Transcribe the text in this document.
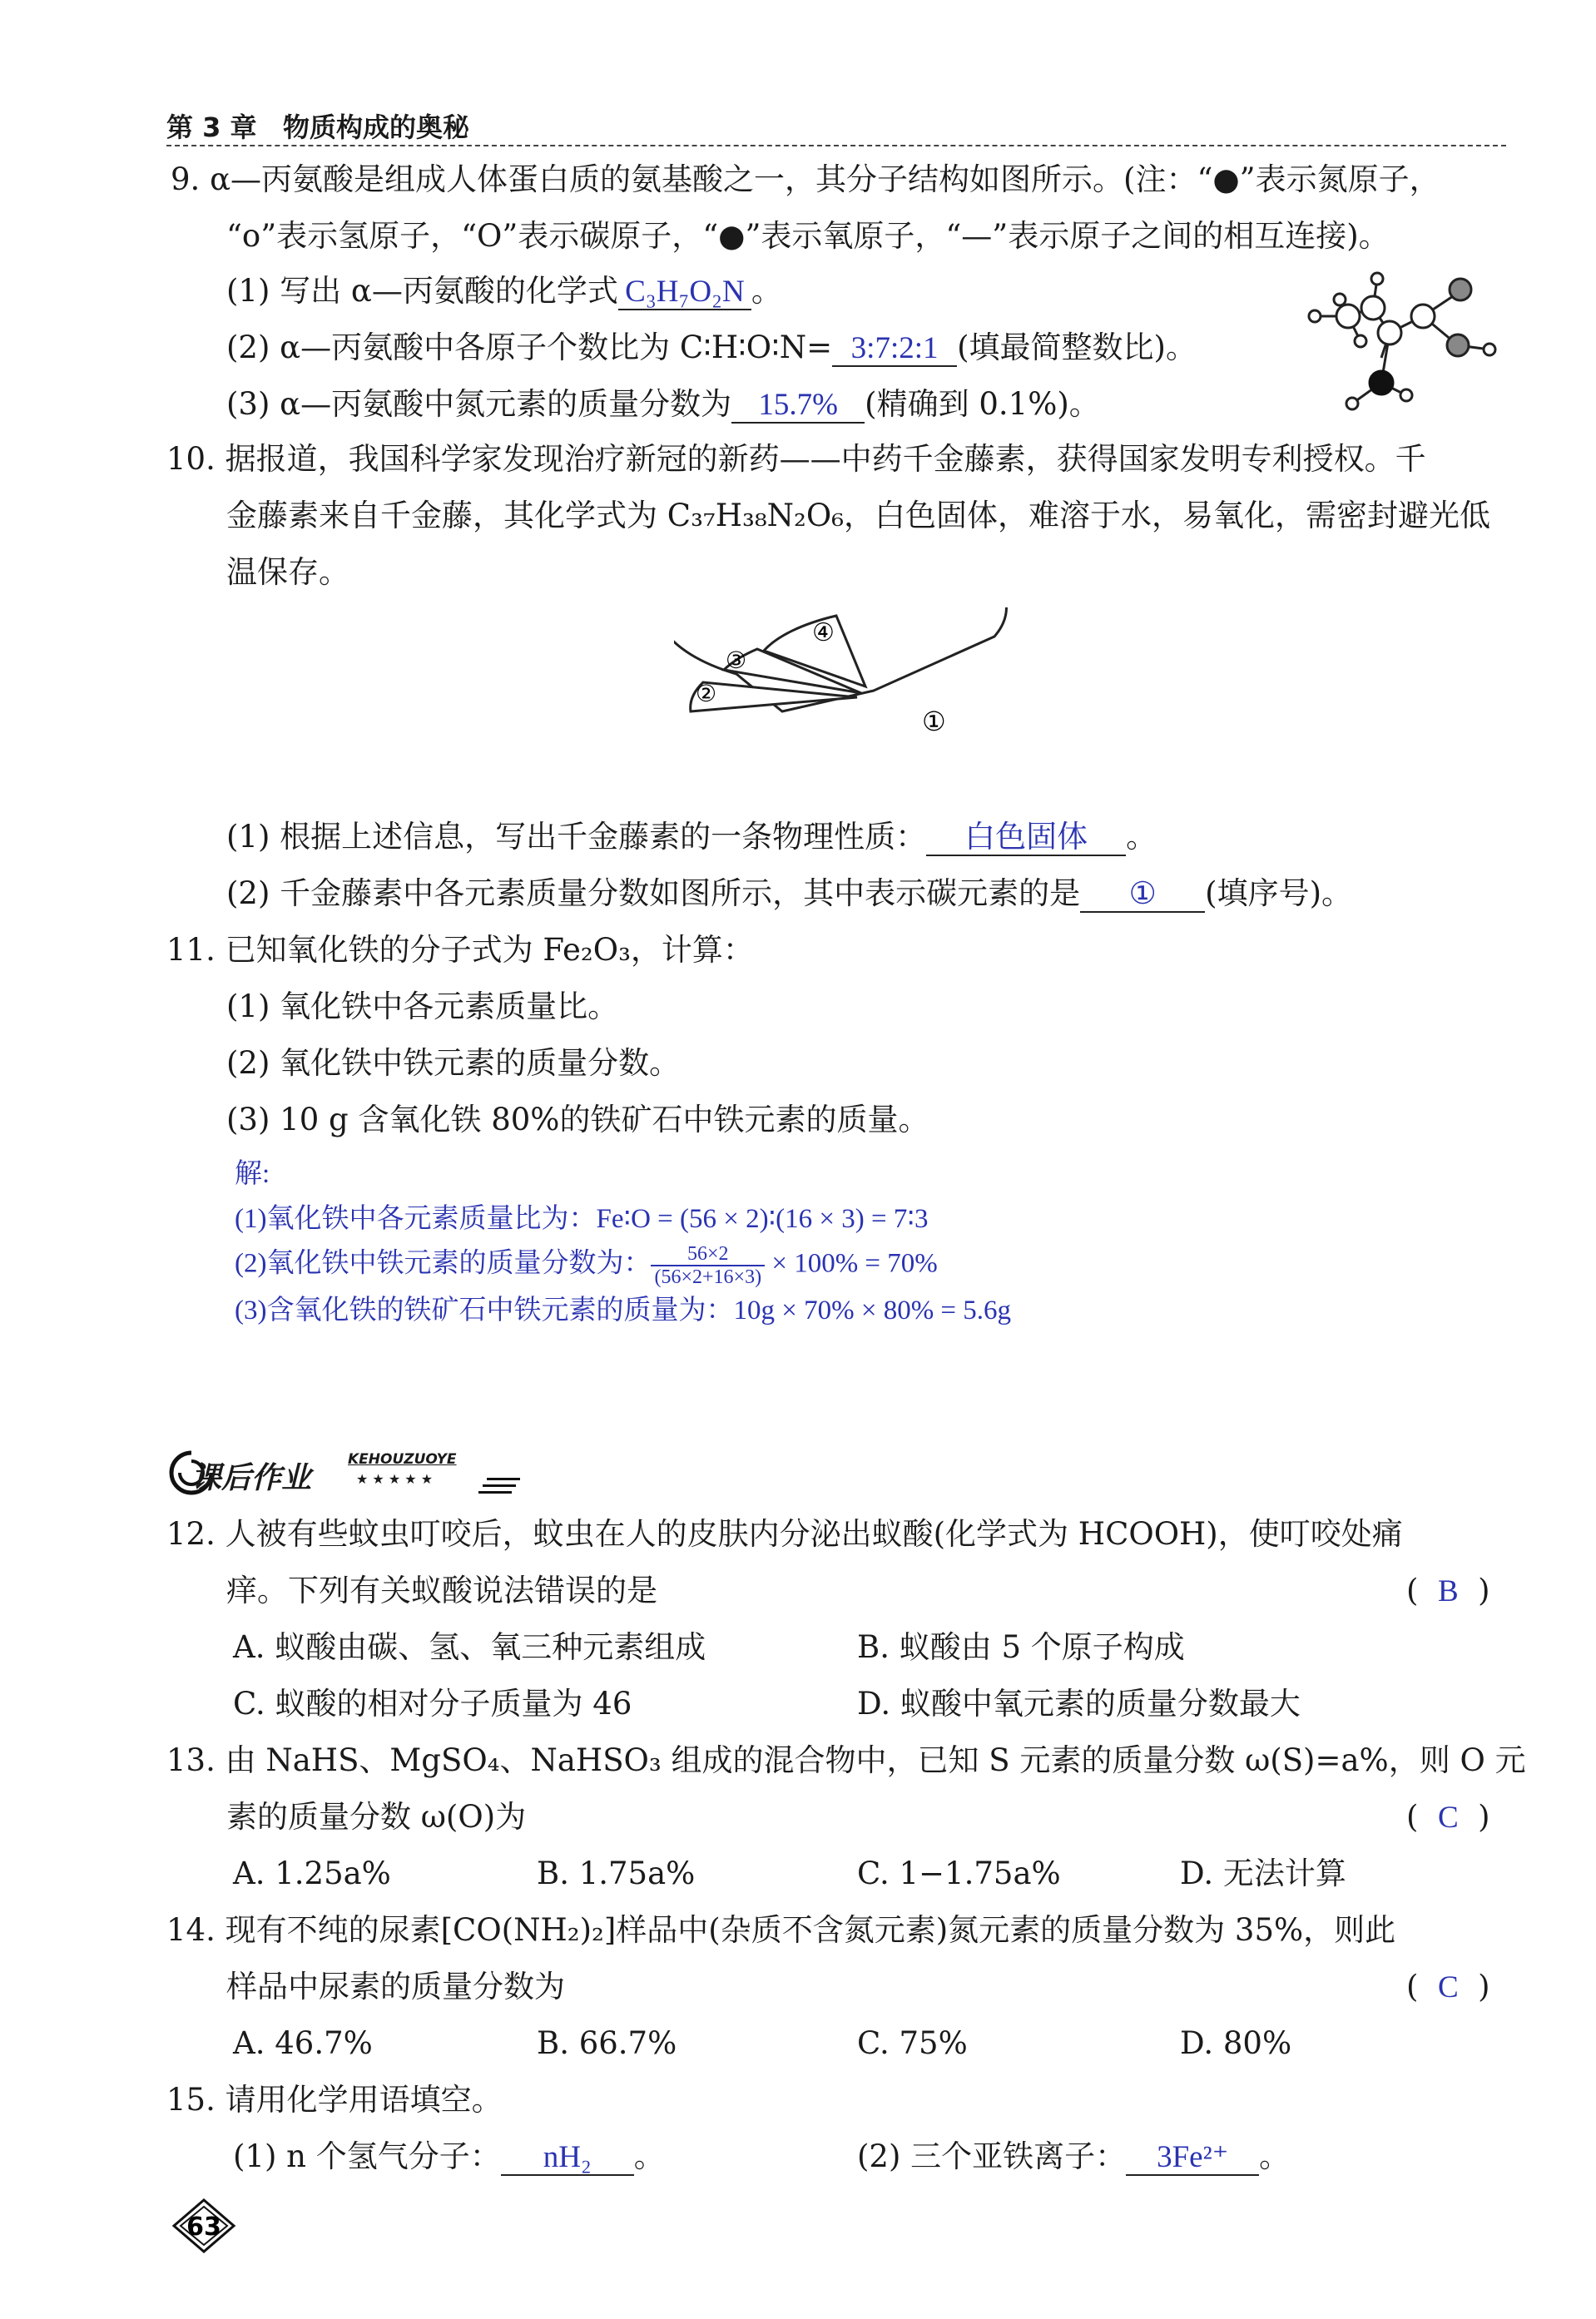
第 3 章 物质构成的奥秘
9. α—丙氨酸是组成人体蛋白质的氨基酸之一，其分子结构如图所示。(注：“●”表示氮原子，
“o”表示氢原子，“O”表示碳原子，“●”表示氧原子，“—”表示原子之间的相互连接)。
(1) 写出 α—丙氨酸的化学式 C₃H₇O₂N 。
(2) α—丙氨酸中各原子个数比为 C∶H∶O∶N= 3:7:2:1 (填最简整数比)。
(3) α—丙氨酸中氮元素的质量分数为 15.7% (精确到 0.1%)。
10. 据报道，我国科学家发现治疗新冠的新药——中药千金藤素，获得国家发明专利授权。千
金藤素来自千金藤，其化学式为 C₃₇H₃₈N₂O₆，白色固体，难溶于水，易氧化，需密封避光低
温保存。
①
②
③
④
(1) 根据上述信息，写出千金藤素的一条物理性质： 白色固体 。
(2) 千金藤素中各元素质量分数如图所示，其中表示碳元素的是 ① (填序号)。
11. 已知氧化铁的分子式为 Fe₂O₃，计算：
(1) 氧化铁中各元素质量比。
(2) 氧化铁中铁元素的质量分数。
(3) 10 g 含氧化铁 80%的铁矿石中铁元素的质量。
解:
(1)氧化铁中各元素质量比为：Fe∶O = (56 × 2)∶(16 × 3) = 7∶3
(2)氧化铁中铁元素的质量分数为： $\frac{56\times 2}{(56\times 2+16\times 3)} \times 100\% = 70\%$
(3)含氧化铁的铁矿石中铁元素的质量为：10g × 70% × 80% = 5.6g
课后作业
KEHOUZUOYE
★ ★ ★ ★ ★
12. 人被有些蚊虫叮咬后，蚊虫在人的皮肤内分泌出蚁酸(化学式为 HCOOH)，使叮咬处痛
痒。下列有关蚁酸说法错误的是	(  B  )
A. 蚁酸由碳、氢、氧三种元素组成	B. 蚁酸由 5 个原子构成
C. 蚁酸的相对分子质量为 46	D. 蚁酸中氧元素的质量分数最大
13. 由 NaHS、MgSO₄、NaHSO₃ 组成的混合物中，已知 S 元素的质量分数 ω(S)=a%，则 O 元
素的质量分数 ω(O)为	(  C  )
A. 1.25a%	B. 1.75a%	C. 1−1.75a%	D. 无法计算
14. 现有不纯的尿素[CO(NH₂)₂]样品中(杂质不含氮元素)氮元素的质量分数为 35%，则此
样品中尿素的质量分数为	(  C  )
A. 46.7%	B. 66.7%	C. 75%	D. 80%
15. 请用化学用语填空。
(1) n 个氢气分子： nH₂ 。	(2) 三个亚铁离子： 3Fe²⁺ 。
63
